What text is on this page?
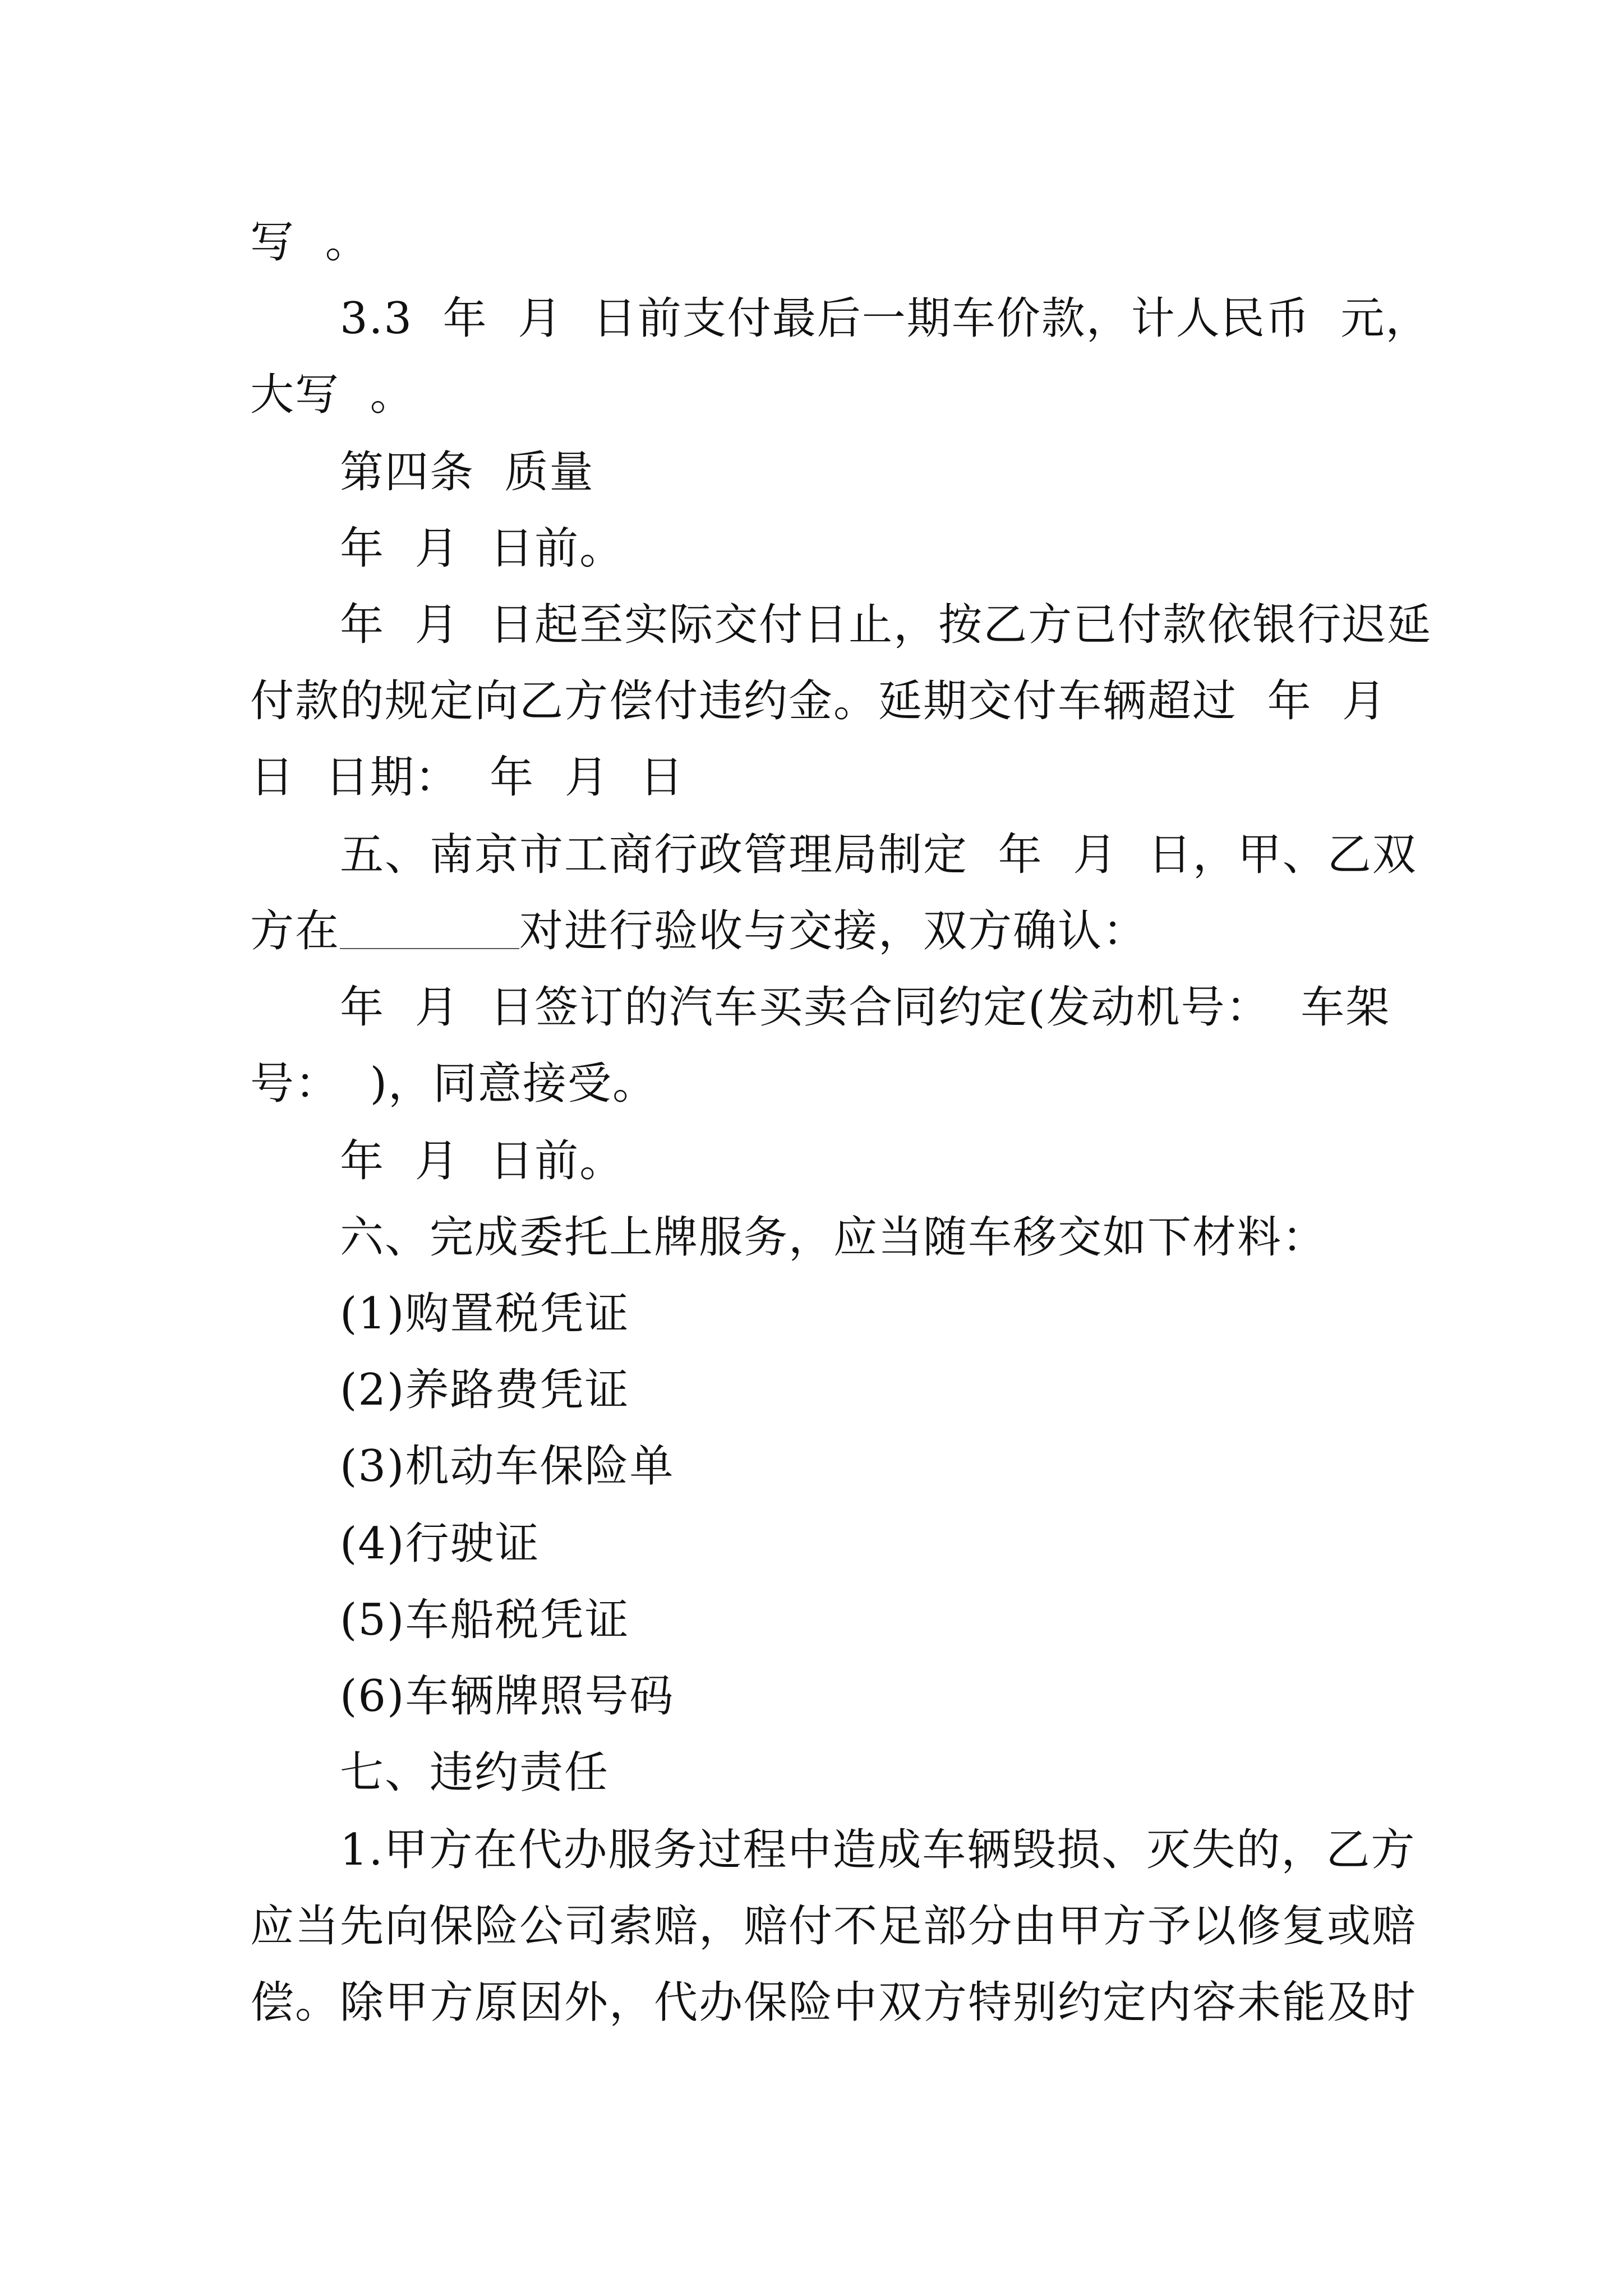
写  。
3.3  年  月  日前支付最后一期车价款，计人民币  元，
大写  。
第四条  质量
年  月  日前。
年  月  日起至实际交付日止，按乙方已付款依银行迟延
付款的规定向乙方偿付违约金。延期交付车辆超过  年  月
日  日期：  年  月  日
五、南京市工商行政管理局制定  年  月  日，甲、乙双
方在	对进行验收与交接，双方确认：
年  月  日签订的汽车买卖合同约定(发动机号：  车架
号：  )，同意接受。
年  月  日前。
六、完成委托上牌服务，应当随车移交如下材料：
(1)购置税凭证
(2)养路费凭证
(3)机动车保险单
(4)行驶证
(5)车船税凭证
(6)车辆牌照号码
七、违约责任
1.甲方在代办服务过程中造成车辆毁损、灭失的，乙方
应当先向保险公司索赔，赔付不足部分由甲方予以修复或赔
偿。除甲方原因外，代办保险中双方特别约定内容未能及时
